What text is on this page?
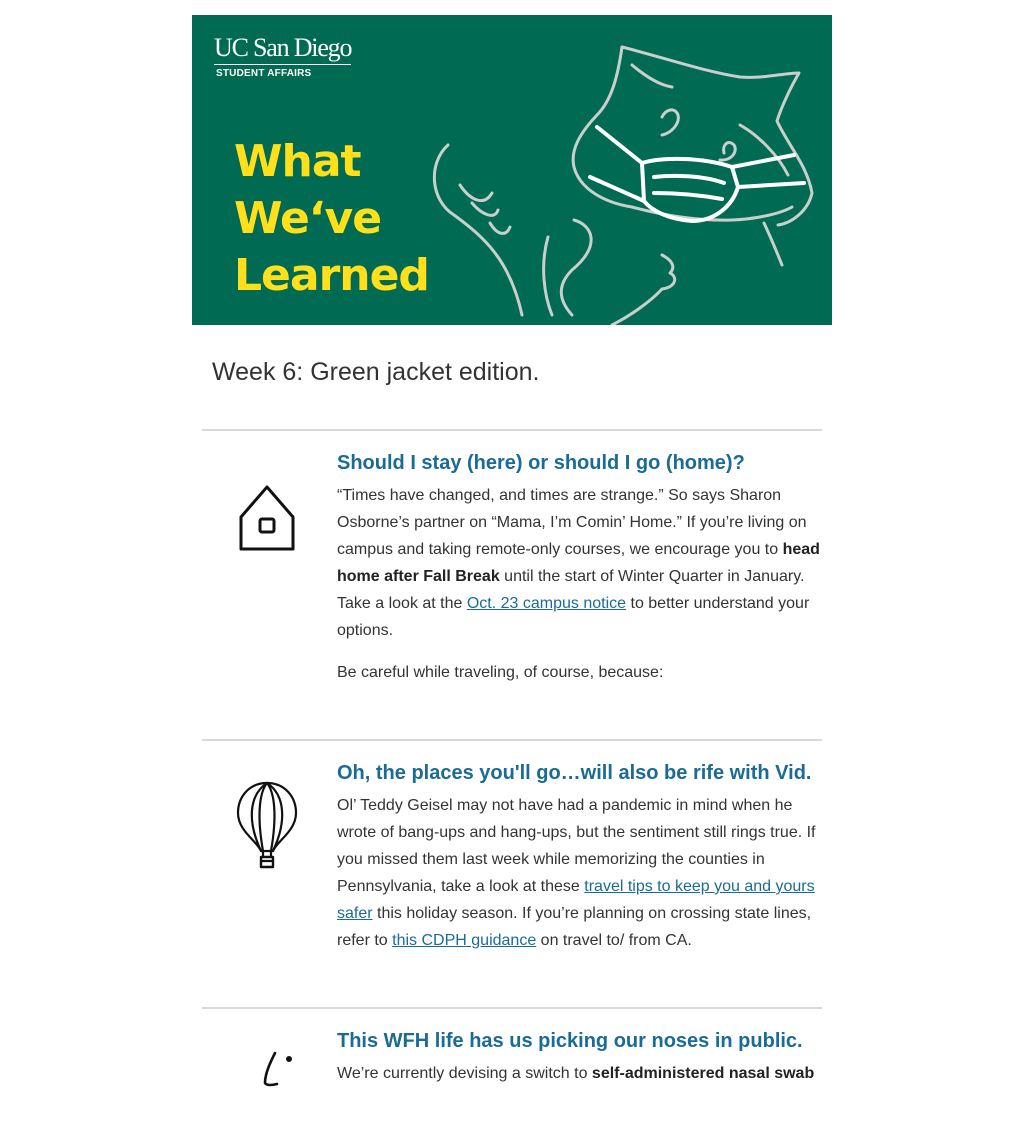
UC San Diego
STUDENT AFFAIRS
What
We‘ve
Learned
Week 6: Green jacket edition.
Should I stay (here) or should I go (home)?

“Times have changed, and times are strange.” So says Sharon Osborne’s partner on “Mama, I’m Comin’ Home.” If you’re living on campus and taking remote-only courses, we encourage you to head home after Fall Break until the start of Winter Quarter in January. Take a look at the Oct. 23 campus notice to better understand your options.

Be careful while traveling, of course, because:

Oh, the places you'll go…will also be rife with Vid.

Ol’ Teddy Geisel may not have had a pandemic in mind when he wrote of bang-ups and hang-ups, but the sentiment still rings true. If you missed them last week while memorizing the counties in Pennsylvania, take a look at these travel tips to keep you and yours safer this holiday season. If you’re planning on crossing state lines, refer to this CDPH guidance on travel to/ from CA.

This WFH life has us picking our noses in public.

We’re currently devising a switch to self-administered nasal swab
